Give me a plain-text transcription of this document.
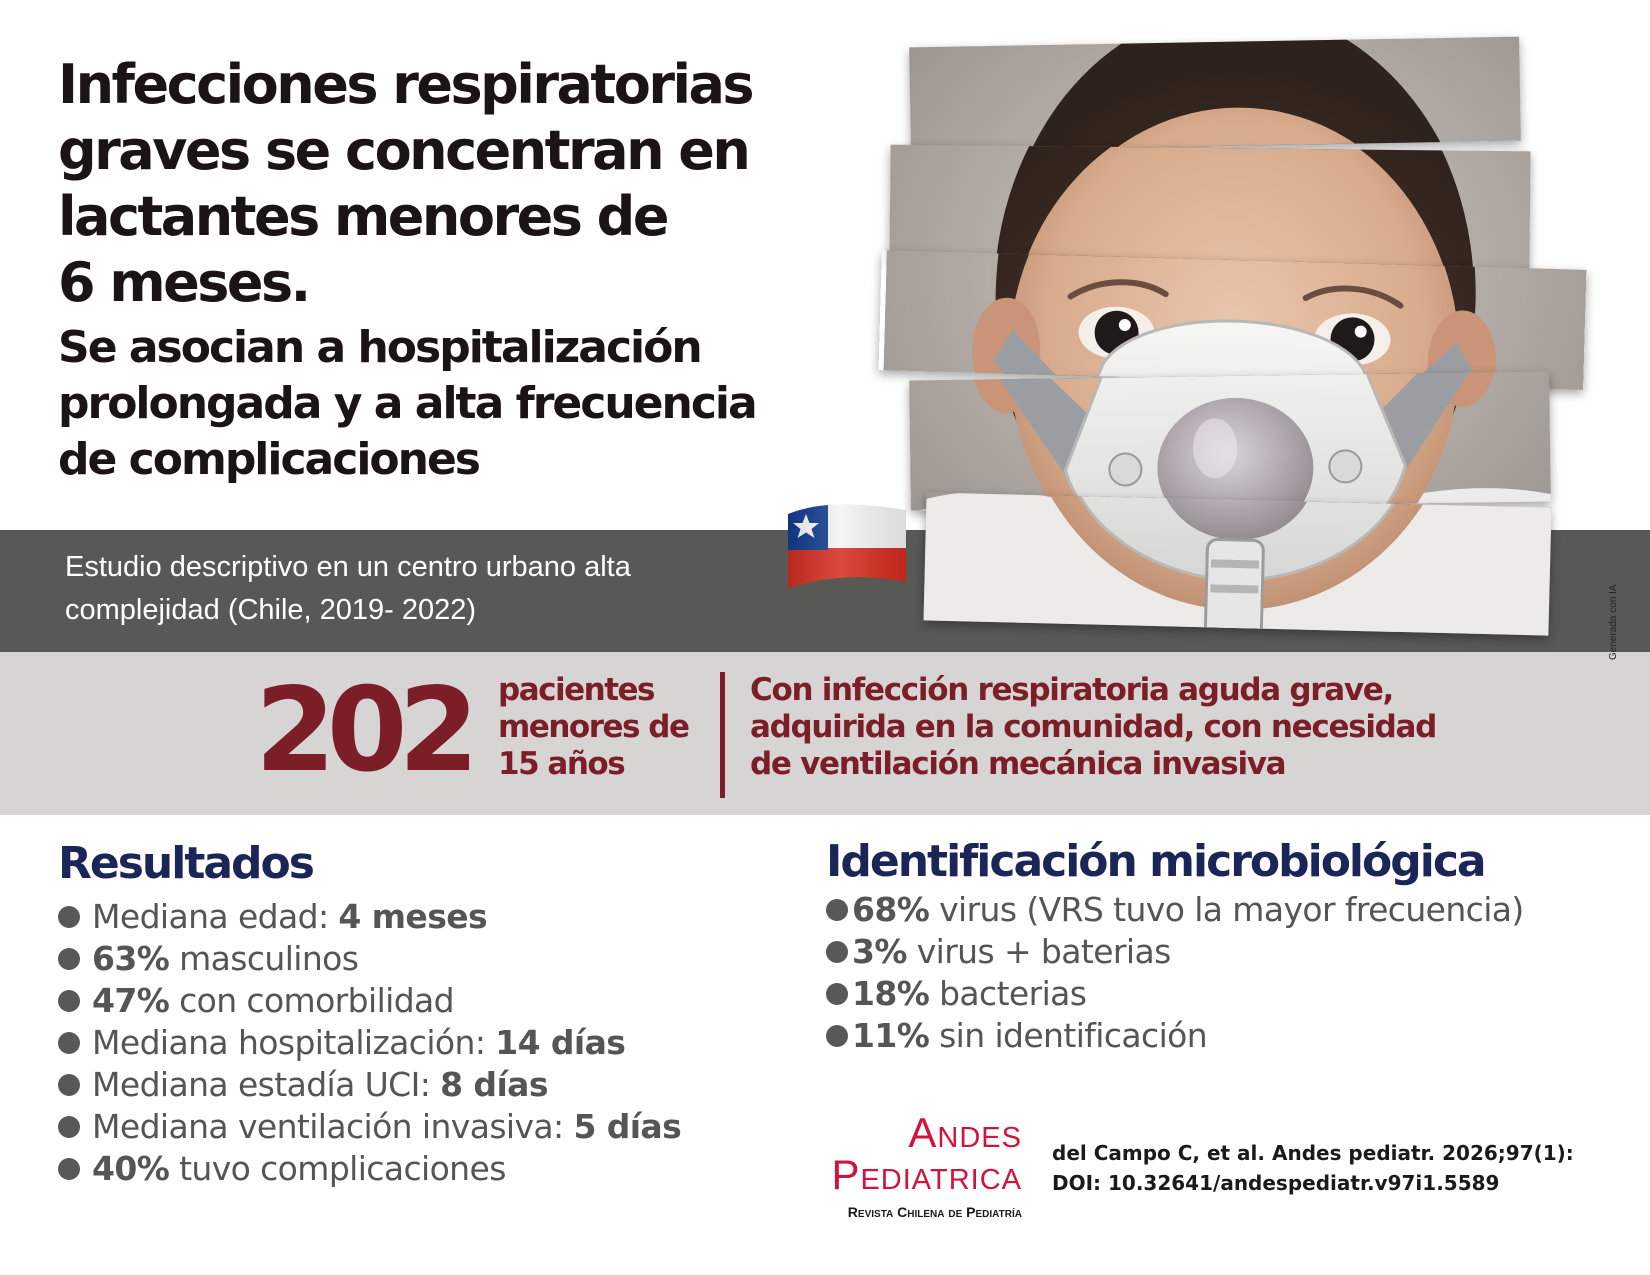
Infecciones respiratorias
graves se concentran en
lactantes menores de
6 meses.
Se asocian a hospitalización
prolongada y a alta frecuencia
de complicaciones

Estudio descriptivo en un centro urbano alta
complejidad (Chile, 2019- 2022)	Generada con IA
202 pacientes
menores de
15 años
Con infección respiratoria aguda grave,
adquirida en la comunidad, con necesidad
de ventilación mecánica invasiva
Resultados
Mediana edad: 4 meses
63% masculinos
47% con comorbilidad
Mediana hospitalización: 14 días
Mediana estadía UCI: 8 días
Mediana ventilación invasiva: 5 días
40% tuvo complicaciones
Identificación microbiológica
68% virus (VRS tuvo la mayor frecuencia)
3% virus + baterias
18% bacterias
11% sin identificación
Andes
Pediatrica
Revista Chilena de Pediatría
del Campo C, et al. Andes pediatr. 2026;97(1):
DOI: 10.32641/andespediatr.v97i1.5589
